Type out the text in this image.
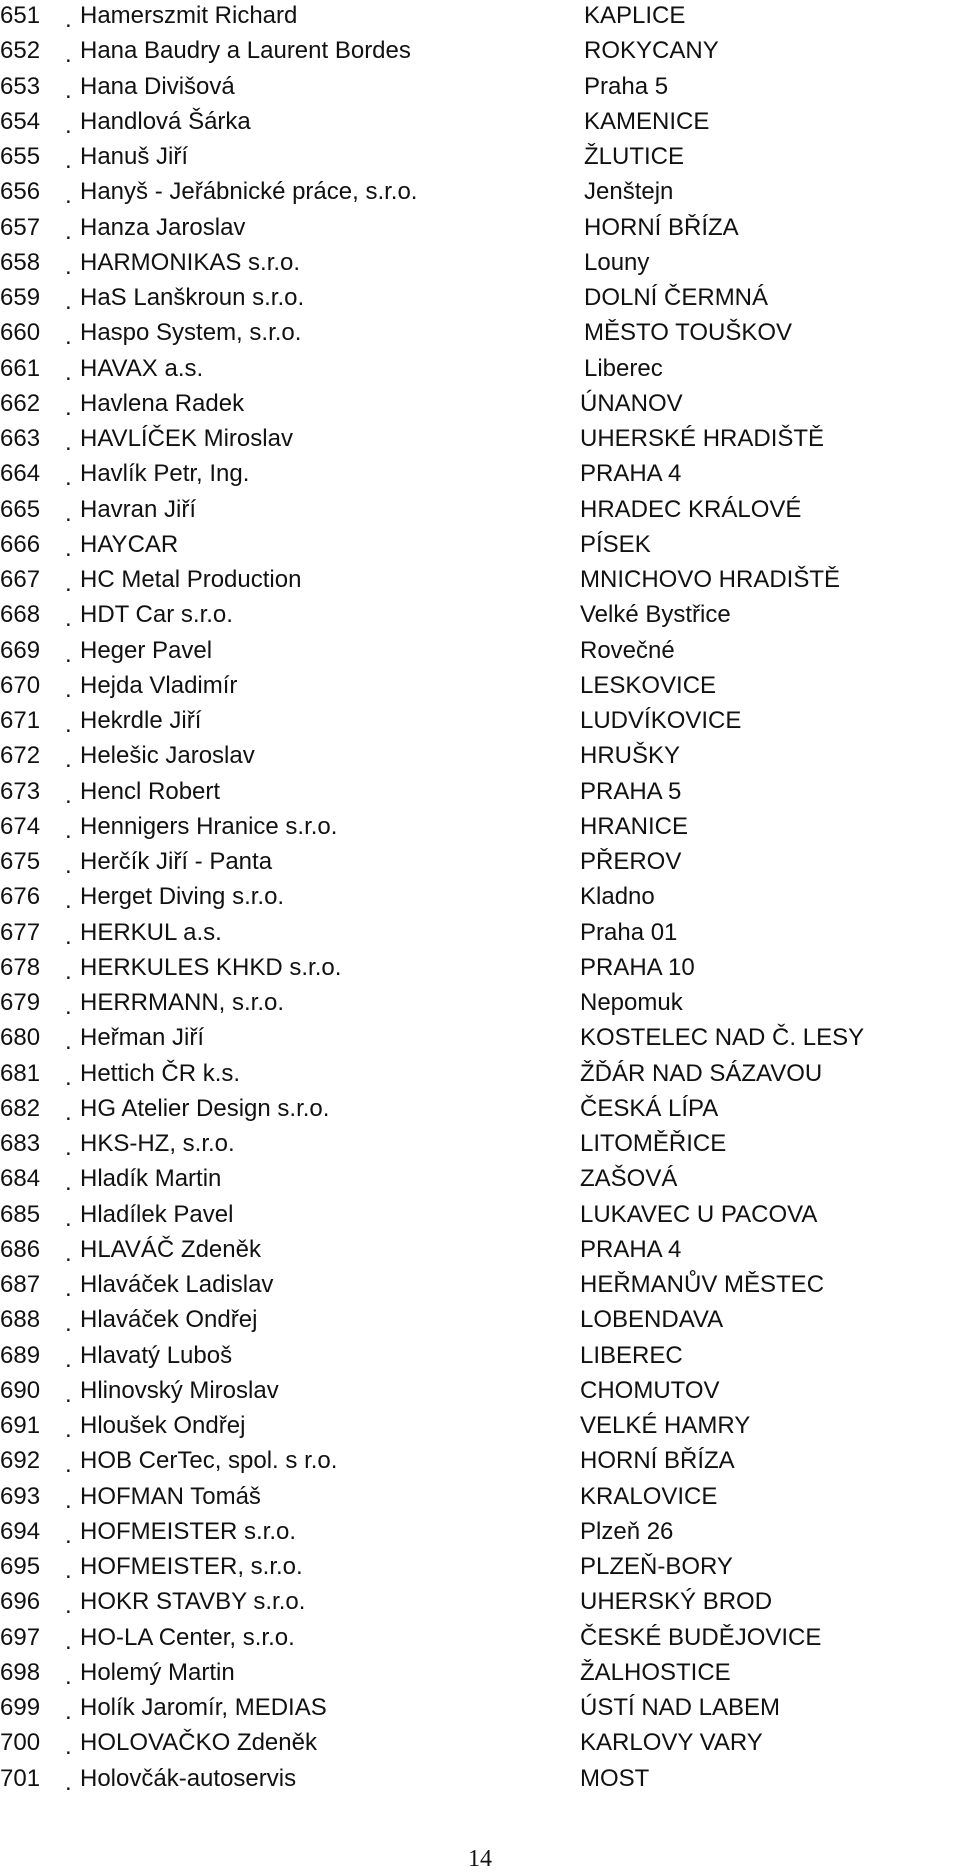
651 . Hamerszmit Richard	KAPLICE
652 . Hana Baudry a Laurent Bordes	ROKYCANY
653 . Hana Divišová	Praha 5
654 . Handlová Šárka	KAMENICE
655 . Hanuš Jiří	ŽLUTICE
656 . Hanyš - Jeřábnické práce, s.r.o.	Jenštejn
657 . Hanza Jaroslav	HORNÍ BŘÍZA
658 . HARMONIKAS s.r.o.	Louny
659 . HaS Lanškroun s.r.o.	DOLNÍ ČERMNÁ
660 . Haspo System, s.r.o.	MĚSTO TOUŠKOV
661 . HAVAX a.s.	Liberec
662 . Havlena Radek	ÚNANOV
663 . HAVLÍČEK Miroslav	UHERSKÉ HRADIŠTĚ
664 . Havlík Petr, Ing.	PRAHA 4
665 . Havran Jiří	HRADEC KRÁLOVÉ
666 . HAYCAR	PÍSEK
667 . HC Metal Production	MNICHOVO HRADIŠTĚ
668 . HDT Car s.r.o.	Velké Bystřice
669 . Heger Pavel	Rovečné
670 . Hejda Vladimír	LESKOVICE
671 . Hekrdle Jiří	LUDVÍKOVICE
672 . Helešic Jaroslav	HRUŠKY
673 . Hencl Robert	PRAHA 5
674 . Hennigers Hranice s.r.o.	HRANICE
675 . Herčík Jiří - Panta	PŘEROV
676 . Herget Diving s.r.o.	Kladno
677 . HERKUL a.s.	Praha 01
678 . HERKULES KHKD s.r.o.	PRAHA 10
679 . HERRMANN, s.r.o.	Nepomuk
680 . Heřman Jiří	KOSTELEC NAD Č. LESY
681 . Hettich ČR k.s.	ŽĎÁR NAD SÁZAVOU
682 . HG Atelier Design s.r.o.	ČESKÁ LÍPA
683 . HKS-HZ, s.r.o.	LITOMĚŘICE
684 . Hladík Martin	ZAŠOVÁ
685 . Hladílek Pavel	LUKAVEC U PACOVA
686 . HLAVÁČ Zdeněk	PRAHA 4
687 . Hlaváček Ladislav	HEŘMANŮV MĚSTEC
688 . Hlaváček Ondřej	LOBENDAVA
689 . Hlavatý Luboš	LIBEREC
690 . Hlinovský Miroslav	CHOMUTOV
691 . Hloušek Ondřej	VELKÉ HAMRY
692 . HOB CerTec, spol. s r.o.	HORNÍ BŘÍZA
693 . HOFMAN Tomáš	KRALOVICE
694 . HOFMEISTER s.r.o.	Plzeň 26
695 . HOFMEISTER, s.r.o.	PLZEŇ-BORY
696 . HOKR STAVBY s.r.o.	UHERSKÝ BROD
697 . HO-LA Center, s.r.o.	ČESKÉ BUDĚJOVICE
698 . Holemý Martin	ŽALHOSTICE
699 . Holík Jaromír, MEDIAS	ÚSTÍ NAD LABEM
700 . HOLOVAČKO Zdeněk	KARLOVY VARY
701 . Holovčák-autoservis	MOST
14
